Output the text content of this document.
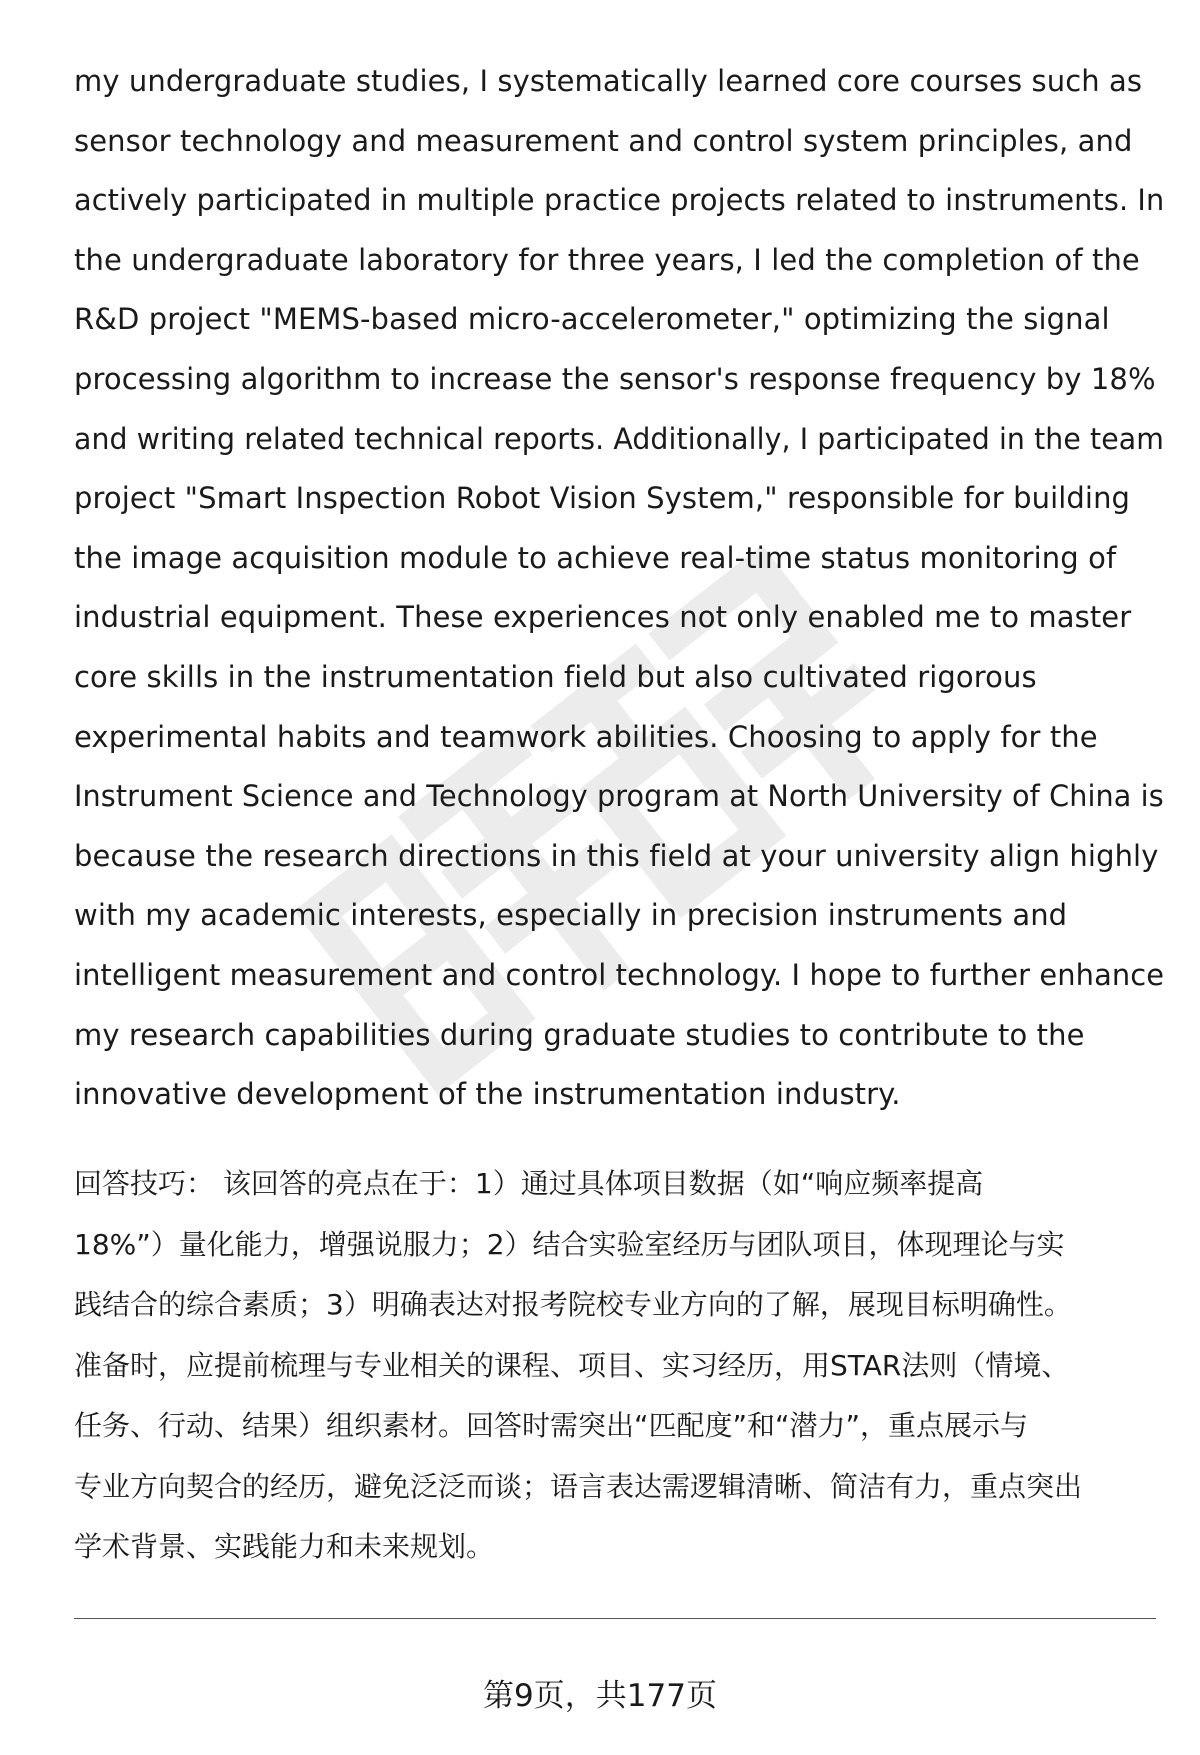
my undergraduate studies, I systematically learned core courses such as
sensor technology and measurement and control system principles, and
actively participated in multiple practice projects related to instruments. In
the undergraduate laboratory for three years, I led the completion of the
R&D project "MEMS-based micro-accelerometer," optimizing the signal
processing algorithm to increase the sensor's response frequency by 18%
and writing related technical reports. Additionally, I participated in the team
project "Smart Inspection Robot Vision System," responsible for building
the image acquisition module to achieve real-time status monitoring of
industrial equipment. These experiences not only enabled me to master
core skills in the instrumentation field but also cultivated rigorous
experimental habits and teamwork abilities. Choosing to apply for the
Instrument Science and Technology program at North University of China is
because the research directions in this field at your university align highly
with my academic interests, especially in precision instruments and
intelligent measurement and control technology. I hope to further enhance
my research capabilities during graduate studies to contribute to the
innovative development of the instrumentation industry.
回答技巧： 该回答的亮点在于：1）通过具体项目数据（如“响应频率提高
18%”）量化能力，增强说服力；2）结合实验室经历与团队项目，体现理论与实
践结合的综合素质；3）明确表达对报考院校专业方向的了解，展现目标明确性。
准备时，应提前梳理与专业相关的课程、项目、实习经历，用STAR法则（情境、
任务、行动、结果）组织素材。回答时需突出“匹配度”和“潜力”，重点展示与
专业方向契合的经历，避免泛泛而谈；语言表达需逻辑清晰、简洁有力，重点突出
学术背景、实践能力和未来规划。
第9页，共177页
